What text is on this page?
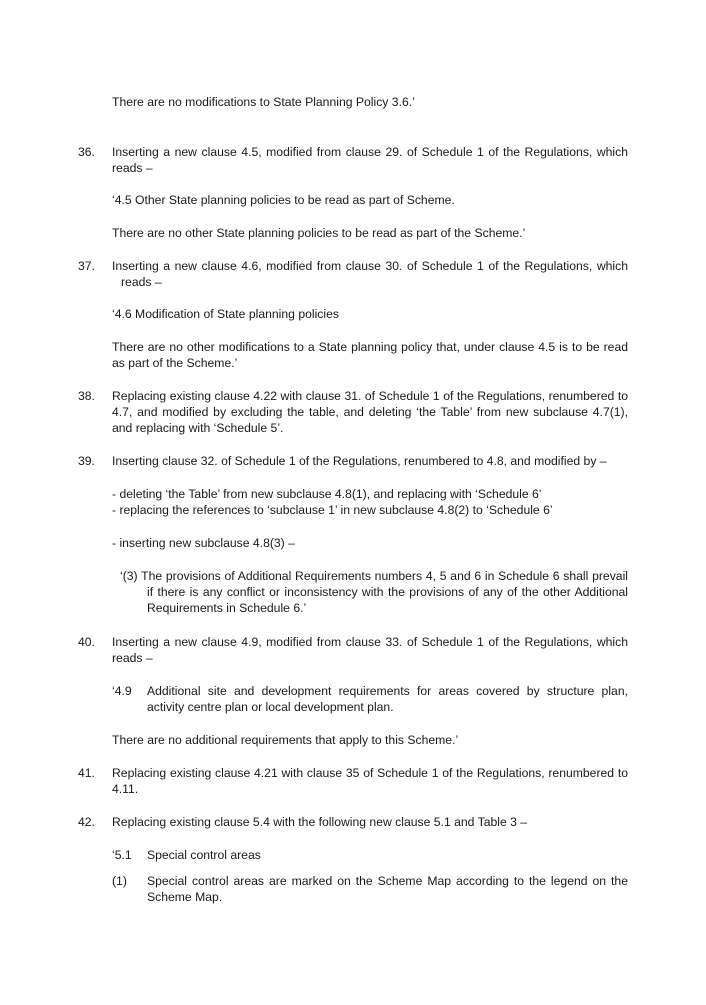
There are no modifications to State Planning Policy 3.6.’
36. Inserting a new clause 4.5, modified from clause 29. of Schedule 1 of the Regulations, which
reads –
‘4.5 Other State planning policies to be read as part of Scheme.
There are no other State planning policies to be read as part of the Scheme.’
37. Inserting a new clause 4.6, modified from clause 30. of Schedule 1 of the Regulations, which
reads –
‘4.6 Modification of State planning policies
There are no other modifications to a State planning policy that, under clause 4.5 is to be read
as part of the Scheme.’
38. Replacing existing clause 4.22 with clause 31. of Schedule 1 of the Regulations, renumbered to
4.7, and modified by excluding the table, and deleting ‘the Table’ from new subclause 4.7(1),
and replacing with ‘Schedule 5’.
39. Inserting clause 32. of Schedule 1 of the Regulations, renumbered to 4.8, and modified by –
- deleting ‘the Table’ from new subclause 4.8(1), and replacing with ‘Schedule 6’
- replacing the references to ‘subclause 1’ in new subclause 4.8(2) to ‘Schedule 6’
- inserting new subclause 4.8(3) –
‘(3) The provisions of Additional Requirements numbers 4, 5 and 6 in Schedule 6 shall prevail
if there is any conflict or inconsistency with the provisions of any of the other Additional
Requirements in Schedule 6.’
40. Inserting a new clause 4.9, modified from clause 33. of Schedule 1 of the Regulations, which
reads –
‘4.9 Additional site and development requirements for areas covered by structure plan,
activity centre plan or local development plan.
There are no additional requirements that apply to this Scheme.’
41. Replacing existing clause 4.21 with clause 35 of Schedule 1 of the Regulations, renumbered to
4.11.
42. Replacing existing clause 5.4 with the following new clause 5.1 and Table 3 –
‘5.1 Special control areas
(1) Special control areas are marked on the Scheme Map according to the legend on the
Scheme Map.
